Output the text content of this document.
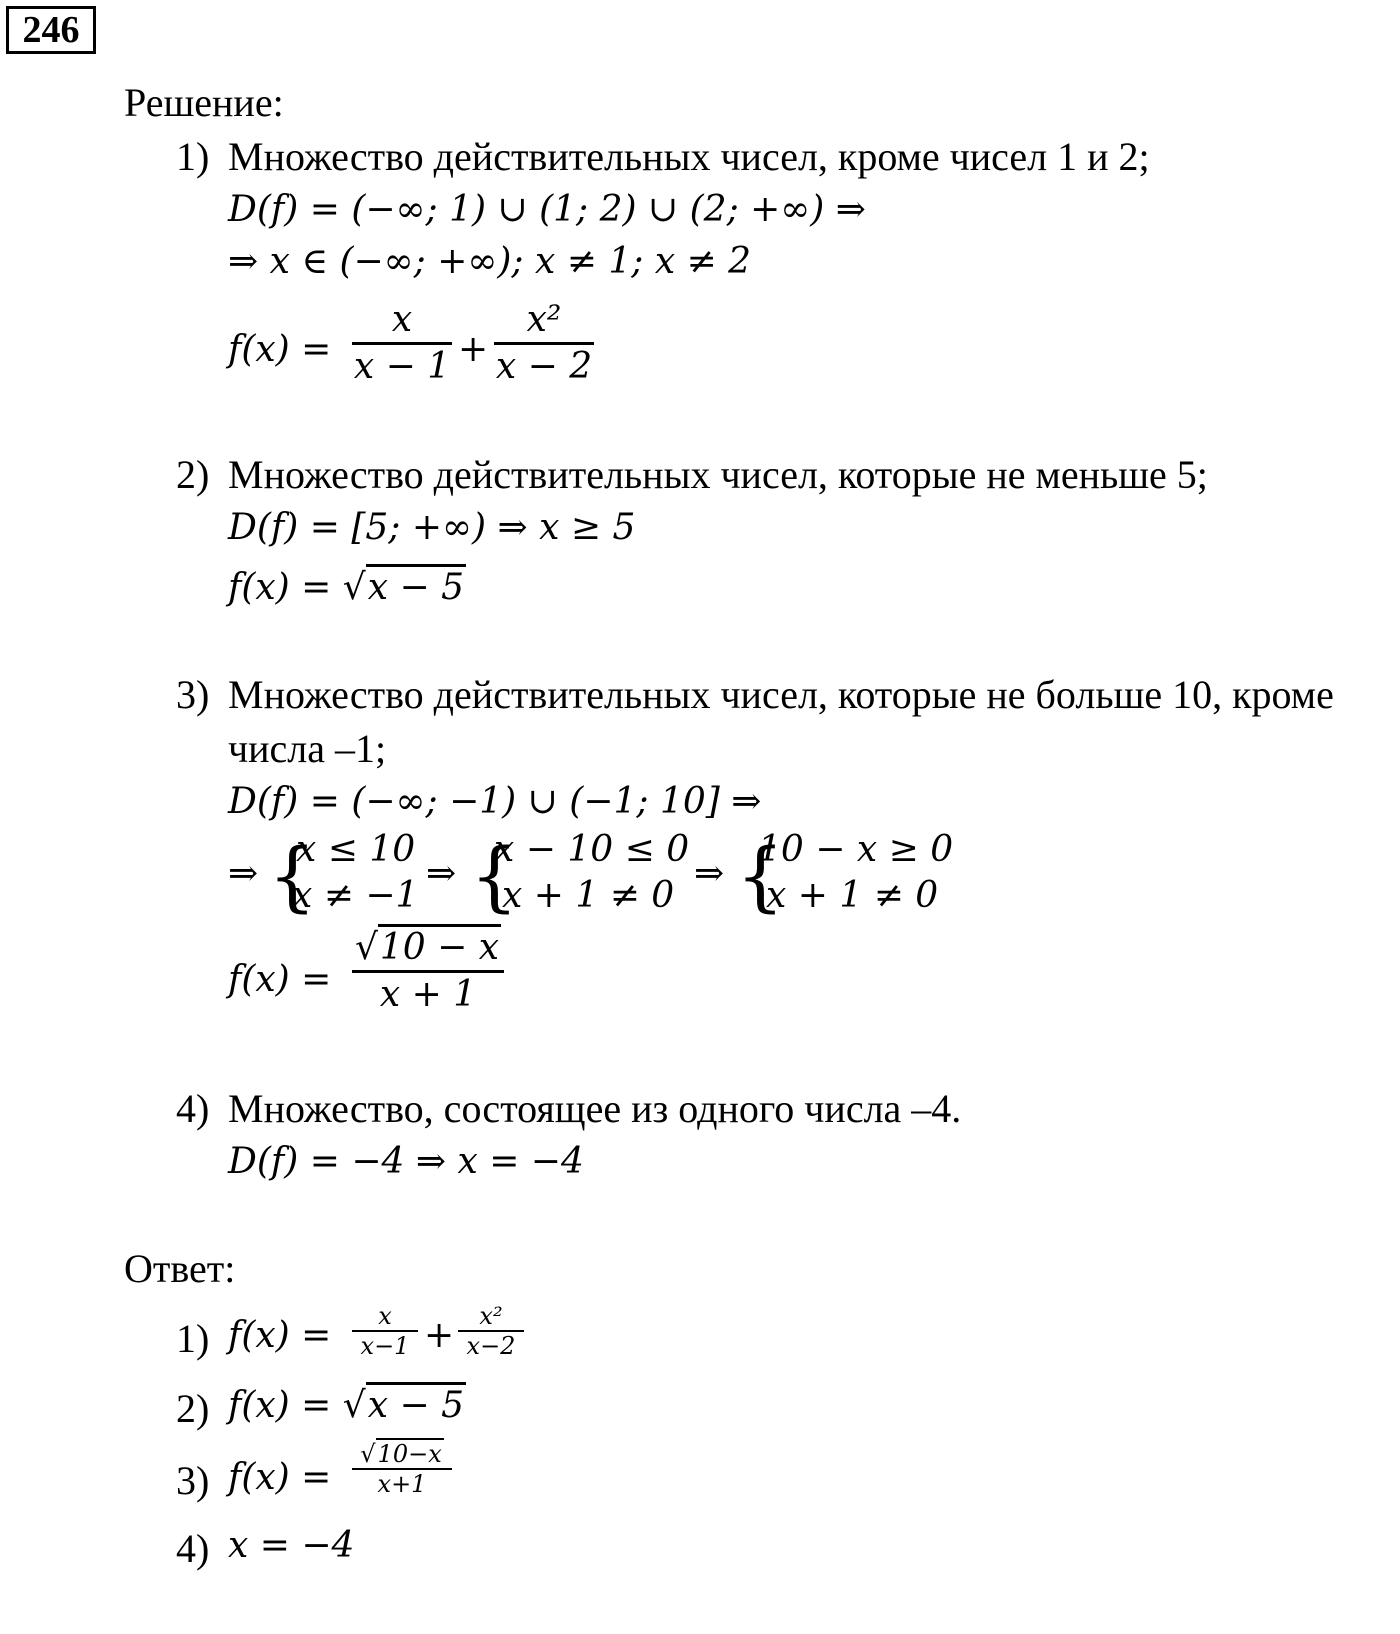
246
Решение:
1) Множество действительных чисел, кроме чисел 1 и 2;
D(f) = (−∞; 1) ∪ (1; 2) ∪ (2; +∞) ⇒
⇒ x ∈ (−∞; +∞); x ≠ 1; x ≠ 2
f(x) =
x
x − 1 +
x²
x − 2
2) Множество действительных чисел, которые не меньше 5;
D(f) = [5; +∞) ⇒ x ≥ 5
f(x) = √x − 5
3) Множество действительных чисел, которые не больше 10, кроме
числа –1;
D(f) = (−∞; −1) ∪ (−1; 10] ⇒
⇒ {
x ≤ 10
x ≠ −1
⇒ {
x − 10 ≤ 0
x + 1 ≠ 0
⇒ {
10 − x ≥ 0
x + 1 ≠ 0
f(x) =
√10 − x
x + 1
4) Множество, состоящее из одного числа –4.
D(f) = −4 ⇒ x = −4
Ответ:
1) f(x) =	x
x−1 +	x²
x−2
2) f(x) = √x − 5
3) f(x) =
√10−x
x+1
4) x = −4
